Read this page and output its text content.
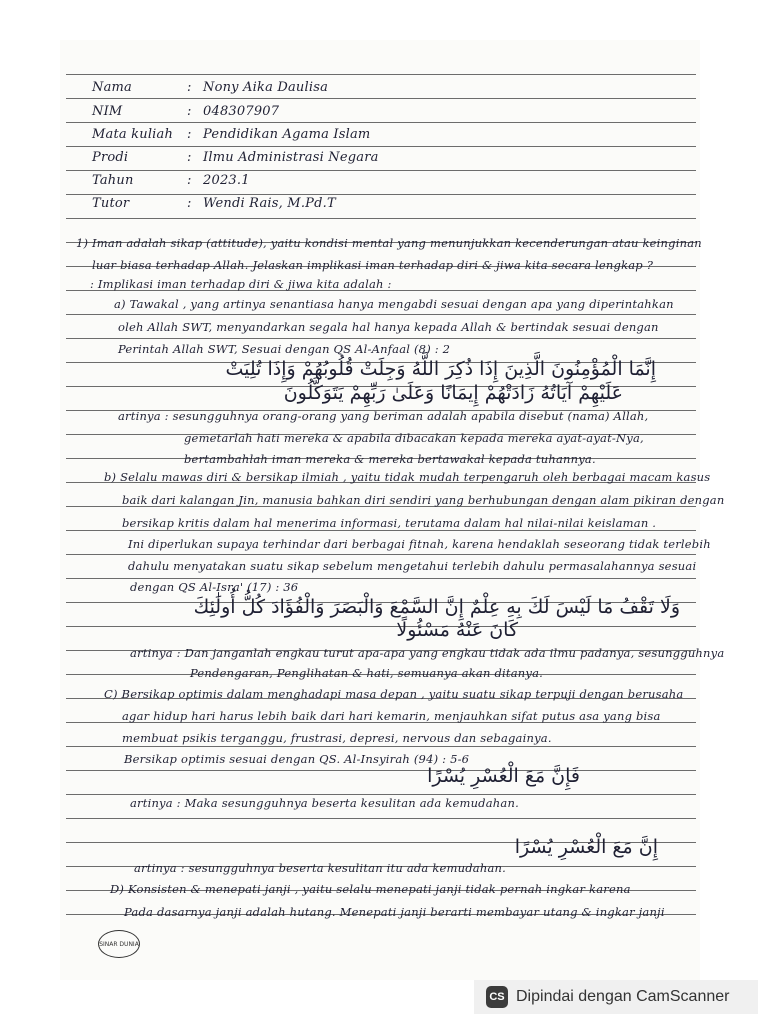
Nama	: Nony Aika Daulisa
NIM	: 048307907
Mata kuliah : Pendidikan Agama Islam
Prodi	: Ilmu Administrasi Negara
Tahun	: 2023.1
Tutor	: Wendi Rais, M.Pd.T
1) Iman adalah sikap (attitude), yaitu kondisi mental yang menunjukkan kecenderungan atau keinginan
luar biasa terhadap Allah. Jelaskan implikasi iman terhadap diri & jiwa kita secara lengkap ?
: Implikasi iman terhadap diri & jiwa kita adalah :
a) Tawakal , yang artinya senantiasa hanya mengabdi sesuai dengan apa yang diperintahkan
oleh Allah SWT, menyandarkan segala hal hanya kepada Allah & bertindak sesuai dengan
Perintah Allah SWT, Sesuai dengan QS Al-Anfaal (8) : 2
إِنَّمَا الْمُؤْمِنُونَ الَّذِينَ إِذَا ذُكِرَ اللَّهُ وَجِلَتْ قُلُوبُهُمْ وَإِذَا تُلِيَتْ
عَلَيْهِمْ آيَاتُهُ زَادَتْهُمْ إِيمَانًا وَعَلَىٰ رَبِّهِمْ يَتَوَكَّلُونَ
artinya : sesungguhnya orang-orang yang beriman adalah apabila disebut (nama) Allah,
gemetarlah hati mereka & apabila dibacakan kepada mereka ayat-ayat-Nya,
bertambahlah iman mereka & mereka bertawakal kepada tuhannya.
b) Selalu mawas diri & bersikap ilmiah , yaitu tidak mudah terpengaruh oleh berbagai macam kasus
baik dari kalangan Jin, manusia bahkan diri sendiri yang berhubungan dengan alam pikiran dengan
bersikap kritis dalam hal menerima informasi, terutama dalam hal nilai-nilai keislaman .
Ini diperlukan supaya terhindar dari berbagai fitnah, karena hendaklah seseorang tidak terlebih
dahulu menyatakan suatu sikap sebelum mengetahui terlebih dahulu permasalahannya sesuai
dengan QS Al-Isra' (17) : 36
وَلَا تَقْفُ مَا لَيْسَ لَكَ بِهِ عِلْمٌ إِنَّ السَّمْعَ وَالْبَصَرَ وَالْفُؤَادَ كُلُّ أُولَٰئِكَ
كَانَ عَنْهُ مَسْئُولًا
artinya : Dan janganlah engkau turut apa-apa yang engkau tidak ada ilmu padanya, sesungguhnya
Pendengaran, Penglihatan & hati, semuanya akan ditanya.
C) Bersikap optimis dalam menghadapi masa depan , yaitu suatu sikap terpuji dengan berusaha
agar hidup hari harus lebih baik dari hari kemarin, menjauhkan sifat putus asa yang bisa
membuat psikis terganggu, frustrasi, depresi, nervous dan sebagainya.
Bersikap optimis sesuai dengan QS. Al-Insyirah (94) : 5-6
فَإِنَّ مَعَ الْعُسْرِ يُسْرًا
artinya : Maka sesungguhnya beserta kesulitan ada kemudahan.
إِنَّ مَعَ الْعُسْرِ يُسْرًا
artinya : sesungguhnya beserta kesulitan itu ada kemudahan.
D) Konsisten & menepati janji , yaitu selalu menepati janji tidak pernah ingkar karena
Pada dasarnya janji adalah hutang. Menepati janji berarti membayar utang & ingkar janji
SINAR DUNIA
CS Dipindai dengan CamScanner
